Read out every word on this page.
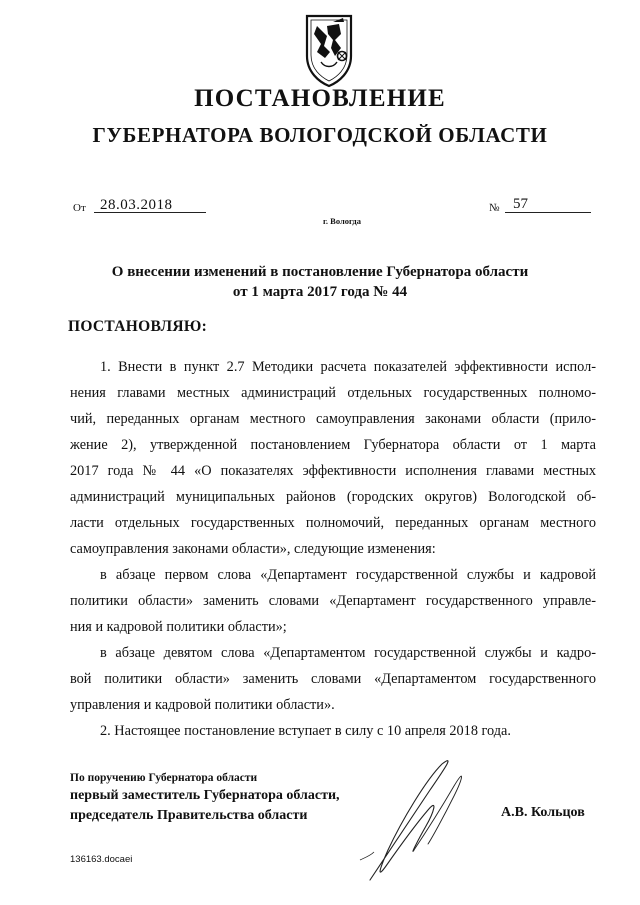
ПОСТАНОВЛЕНИЕ
ГУБЕРНАТОРА ВОЛОГОДСКОЙ ОБЛАСТИ
От 28.03.2018	№ 57
г. Вологда
О внесении изменений в постановление Губернатора области
от 1 марта 2017 года № 44
ПОСТАНОВЛЯЮ:
1. Внести в пункт 2.7 Методики расчета показателей эффективности испол-
нения главами местных администраций отдельных государственных полномо-
чий, переданных органам местного самоуправления законами области (прило-
жение 2), утвержденной постановлением Губернатора области от 1 марта
2017 года № 44 «О показателях эффективности исполнения главами местных
администраций муниципальных районов (городских округов) Вологодской об-
ласти отдельных государственных полномочий, переданных органам местного
самоуправления законами области», следующие изменения:
в абзаце первом слова «Департамент государственной службы и кадровой
политики области» заменить словами «Департамент государственного управле-
ния и кадровой политики области»;
в абзаце девятом слова «Департаментом государственной службы и кадро-
вой политики области» заменить словами «Департаментом государственного
управления и кадровой политики области».
2. Настоящее постановление вступает в силу с 10 апреля 2018 года.
По поручению Губернатора области
первый заместитель Губернатора области,
председатель Правительства области	А.В. Кольцов
136163.docaei
